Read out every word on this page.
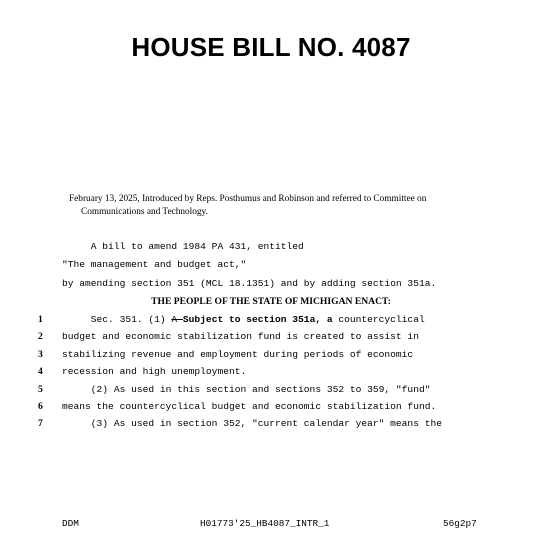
HOUSE BILL NO. 4087
February 13, 2025, Introduced by Reps. Posthumus and Robinson and referred to Committee on
Communications and Technology.
A bill to amend 1984 PA 431, entitled
"The management and budget act,"
by amending section 351 (MCL 18.1351) and by adding section 351a.
THE PEOPLE OF THE STATE OF MICHIGAN ENACT:
1	Sec. 351. (1) A Subject to section 351a, a countercyclical
2	budget and economic stabilization fund is created to assist in
3	stabilizing revenue and employment during periods of economic
4	recession and high unemployment.
5	(2) As used in this section and sections 352 to 359, "fund"
6	means the countercyclical budget and economic stabilization fund.
7	(3) As used in section 352, "current calendar year" means the
DDM	H01773'25_HB4087_INTR_1	56g2p7
